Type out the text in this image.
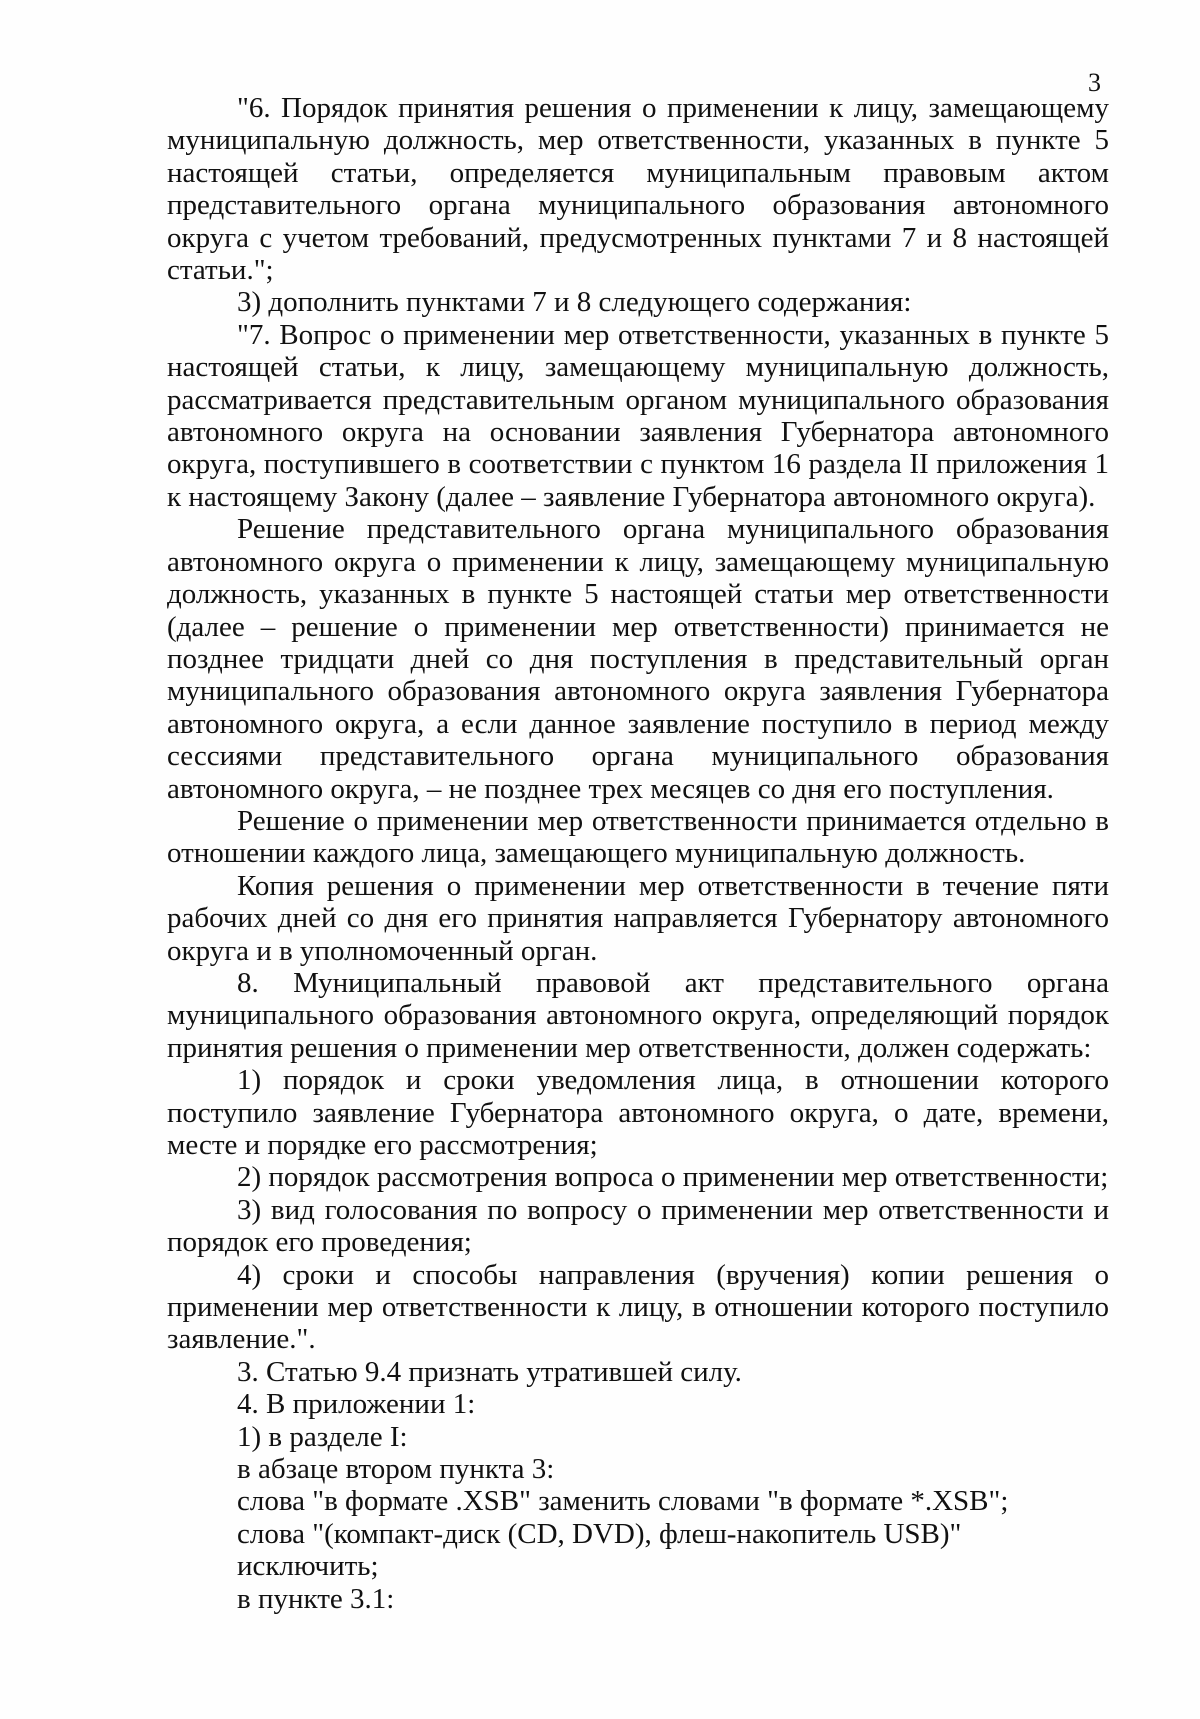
3

"6. Порядок принятия решения о применении к лицу, замещающему муниципальную должность, мер ответственности, указанных в пункте 5 настоящей статьи, определяется муниципальным правовым актом представительного органа муниципального образования автономного округа с учетом требований, предусмотренных пунктами 7 и 8 настоящей статьи.";

3) дополнить пунктами 7 и 8 следующего содержания:

"7. Вопрос о применении мер ответственности, указанных в пункте 5 настоящей статьи, к лицу, замещающему муниципальную должность, рассматривается представительным органом муниципального образования автономного округа на основании заявления Губернатора автономного округа, поступившего в соответствии с пунктом 16 раздела II приложения 1 к настоящему Закону (далее – заявление Губернатора автономного округа).

Решение представительного органа муниципального образования автономного округа о применении к лицу, замещающему муниципальную должность, указанных в пункте 5 настоящей статьи мер ответственности (далее – решение о применении мер ответственности) принимается не позднее тридцати дней со дня поступления в представительный орган муниципального образования автономного округа заявления Губернатора автономного округа, а если данное заявление поступило в период между сессиями представительного органа муниципального образования автономного округа, – не позднее трех месяцев со дня его поступления.

Решение о применении мер ответственности принимается отдельно в отношении каждого лица, замещающего муниципальную должность.

Копия решения о применении мер ответственности в течение пяти рабочих дней со дня его принятия направляется Губернатору автономного округа и в уполномоченный орган.

8. Муниципальный правовой акт представительного органа муниципального образования автономного округа, определяющий порядок принятия решения о применении мер ответственности, должен содержать:

1) порядок и сроки уведомления лица, в отношении которого поступило заявление Губернатора автономного округа, о дате, времени, месте и порядке его рассмотрения;

2) порядок рассмотрения вопроса о применении мер ответственности;

3) вид голосования по вопросу о применении мер ответственности и порядок его проведения;

4) сроки и способы направления (вручения) копии решения о применении мер ответственности к лицу, в отношении которого поступило заявление.".

3. Статью 9.4 признать утратившей силу.

4. В приложении 1:

1) в разделе I:

в абзаце втором пункта 3:

слова "в формате .XSB" заменить словами "в формате *.XSB";

слова "(компакт-диск (CD, DVD), флеш-накопитель USB)" исключить;

в пункте 3.1:
